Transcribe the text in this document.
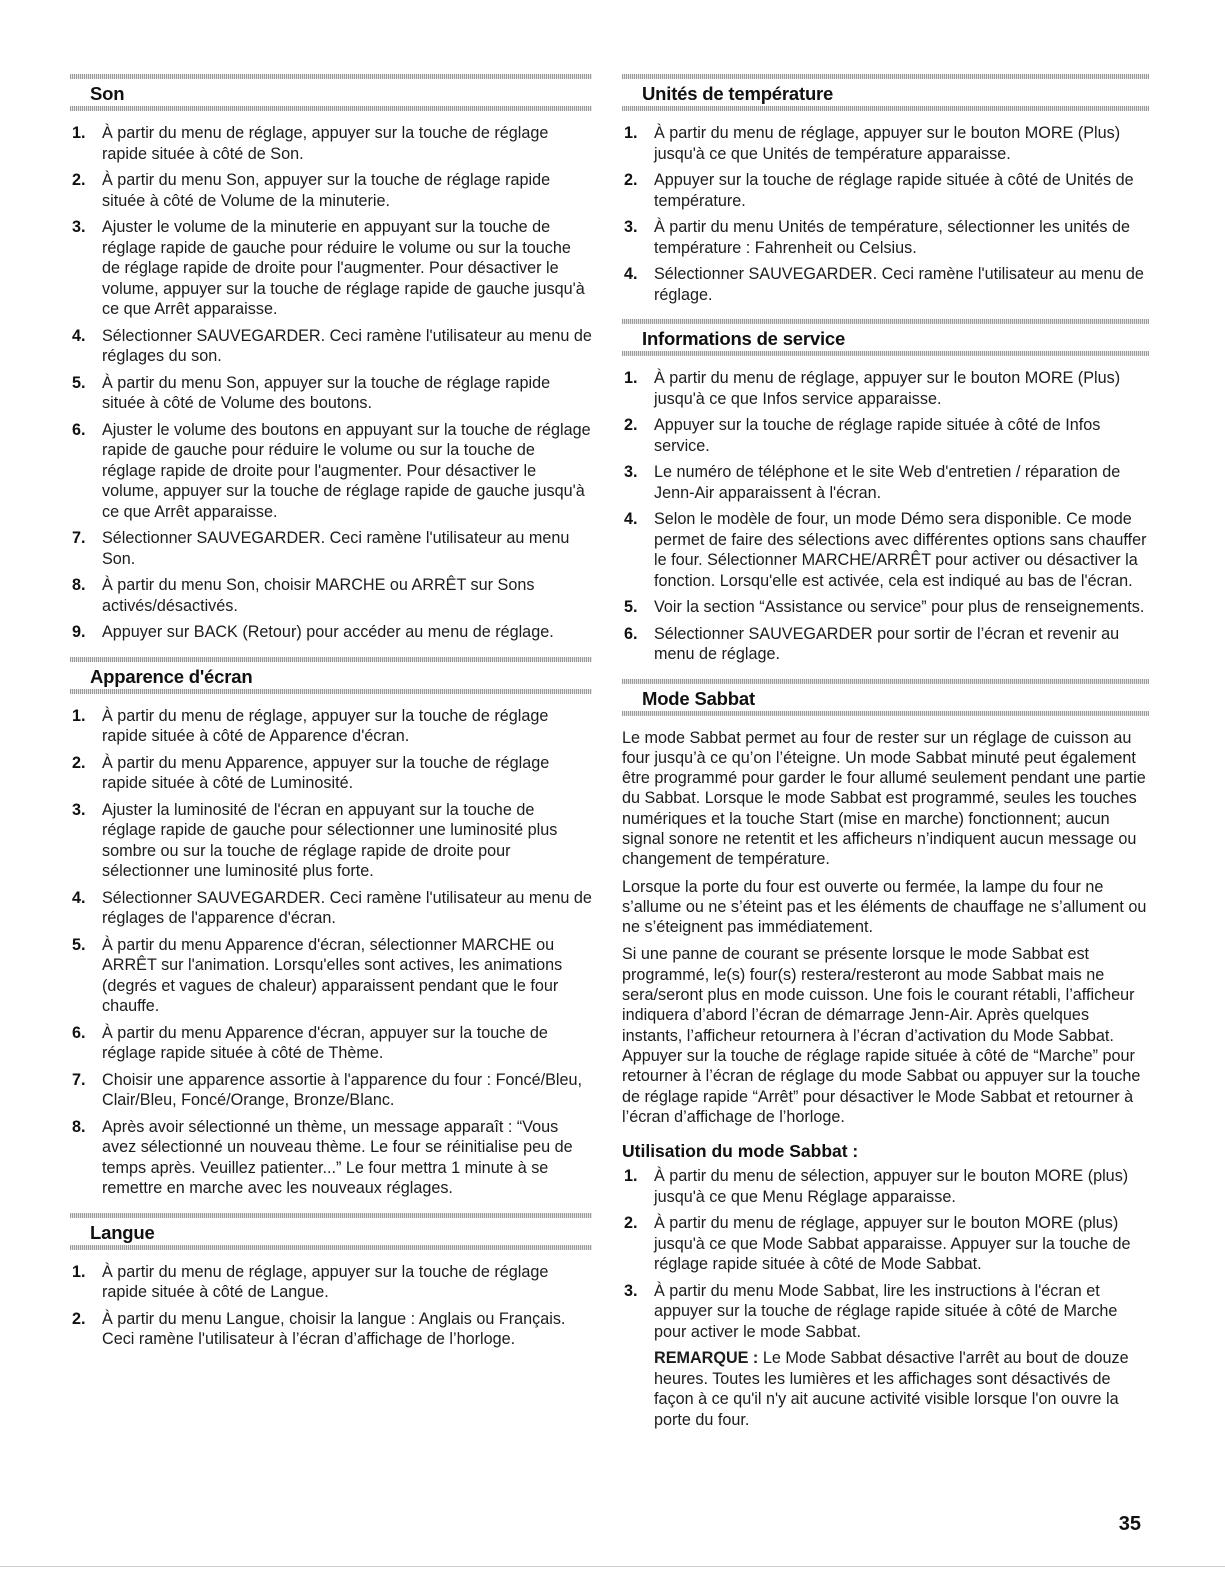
Son
1. À partir du menu de réglage, appuyer sur la touche de réglage rapide située à côté de Son.
2. À partir du menu Son, appuyer sur la touche de réglage rapide située à côté de Volume de la minuterie.
3. Ajuster le volume de la minuterie en appuyant sur la touche de réglage rapide de gauche pour réduire le volume ou sur la touche de réglage rapide de droite pour l'augmenter. Pour désactiver le volume, appuyer sur la touche de réglage rapide de gauche jusqu'à ce que Arrêt apparaisse.
4. Sélectionner SAUVEGARDER. Ceci ramène l'utilisateur au menu de réglages du son.
5. À partir du menu Son, appuyer sur la touche de réglage rapide située à côté de Volume des boutons.
6. Ajuster le volume des boutons en appuyant sur la touche de réglage rapide de gauche pour réduire le volume ou sur la touche de réglage rapide de droite pour l'augmenter. Pour désactiver le volume, appuyer sur la touche de réglage rapide de gauche jusqu'à ce que Arrêt apparaisse.
7. Sélectionner SAUVEGARDER. Ceci ramène l'utilisateur au menu Son.
8. À partir du menu Son, choisir MARCHE ou ARRÊT sur Sons activés/désactivés.
9. Appuyer sur BACK (Retour) pour accéder au menu de réglage.
Apparence d'écran
1. À partir du menu de réglage, appuyer sur la touche de réglage rapide située à côté de Apparence d'écran.
2. À partir du menu Apparence, appuyer sur la touche de réglage rapide située à côté de Luminosité.
3. Ajuster la luminosité de l'écran en appuyant sur la touche de réglage rapide de gauche pour sélectionner une luminosité plus sombre ou sur la touche de réglage rapide de droite pour sélectionner une luminosité plus forte.
4. Sélectionner SAUVEGARDER. Ceci ramène l'utilisateur au menu de réglages de l'apparence d'écran.
5. À partir du menu Apparence d'écran, sélectionner MARCHE ou ARRÊT sur l'animation. Lorsqu'elles sont actives, les animations (degrés et vagues de chaleur) apparaissent pendant que le four chauffe.
6. À partir du menu Apparence d'écran, appuyer sur la touche de réglage rapide située à côté de Thème.
7. Choisir une apparence assortie à l'apparence du four : Foncé/Bleu, Clair/Bleu, Foncé/Orange, Bronze/Blanc.
8. Après avoir sélectionné un thème, un message apparaît : “Vous avez sélectionné un nouveau thème. Le four se réinitialise peu de temps après. Veuillez patienter...” Le four mettra 1 minute à se remettre en marche avec les nouveaux réglages.
Langue
1. À partir du menu de réglage, appuyer sur la touche de réglage rapide située à côté de Langue.
2. À partir du menu Langue, choisir la langue : Anglais ou Français. Ceci ramène l'utilisateur à l’écran d’affichage de l’horloge.
Unités de température
1. À partir du menu de réglage, appuyer sur le bouton MORE (Plus) jusqu'à ce que Unités de température apparaisse.
2. Appuyer sur la touche de réglage rapide située à côté de Unités de température.
3. À partir du menu Unités de température, sélectionner les unités de température : Fahrenheit ou Celsius.
4. Sélectionner SAUVEGARDER. Ceci ramène l'utilisateur au menu de réglage.
Informations de service
1. À partir du menu de réglage, appuyer sur le bouton MORE (Plus) jusqu'à ce que Infos service apparaisse.
2. Appuyer sur la touche de réglage rapide située à côté de Infos service.
3. Le numéro de téléphone et le site Web d'entretien / réparation de Jenn-Air apparaissent à l'écran.
4. Selon le modèle de four, un mode Démo sera disponible. Ce mode permet de faire des sélections avec différentes options sans chauffer le four. Sélectionner MARCHE/ARRÊT pour activer ou désactiver la fonction. Lorsqu'elle est activée, cela est indiqué au bas de l'écran.
5. Voir la section “Assistance ou service” pour plus de renseignements.
6. Sélectionner SAUVEGARDER pour sortir de l’écran et revenir au menu de réglage.
Mode Sabbat

Le mode Sabbat permet au four de rester sur un réglage de cuisson au four jusqu’à ce qu’on l’éteigne. Un mode Sabbat minuté peut également être programmé pour garder le four allumé seulement pendant une partie du Sabbat. Lorsque le mode Sabbat est programmé, seules les touches numériques et la touche Start (mise en marche) fonctionnent; aucun signal sonore ne retentit et les afficheurs n’indiquent aucun message ou changement de température.

Lorsque la porte du four est ouverte ou fermée, la lampe du four ne s’allume ou ne s’éteint pas et les éléments de chauffage ne s’allument ou ne s’éteignent pas immédiatement.

Si une panne de courant se présente lorsque le mode Sabbat est programmé, le(s) four(s) restera/resteront au mode Sabbat mais ne sera/seront plus en mode cuisson. Une fois le courant rétabli, l’afficheur indiquera d’abord l’écran de démarrage Jenn-Air. Après quelques instants, l’afficheur retournera à l’écran d’activation du Mode Sabbat. Appuyer sur la touche de réglage rapide située à côté de “Marche” pour retourner à l’écran de réglage du mode Sabbat ou appuyer sur la touche de réglage rapide “Arrêt” pour désactiver le Mode Sabbat et retourner à l’écran d’affichage de l’horloge.

Utilisation du mode Sabbat :
1. À partir du menu de sélection, appuyer sur le bouton MORE (plus) jusqu'à ce que Menu Réglage apparaisse.
2. À partir du menu de réglage, appuyer sur le bouton MORE (plus) jusqu'à ce que Mode Sabbat apparaisse. Appuyer sur la touche de réglage rapide située à côté de Mode Sabbat.
3. À partir du menu Mode Sabbat, lire les instructions à l'écran et appuyer sur la touche de réglage rapide située à côté de Marche pour activer le mode Sabbat.
REMARQUE : Le Mode Sabbat désactive l'arrêt au bout de douze heures. Toutes les lumières et les affichages sont désactivés de façon à ce qu'il n'y ait aucune activité visible lorsque l'on ouvre la porte du four.
35
